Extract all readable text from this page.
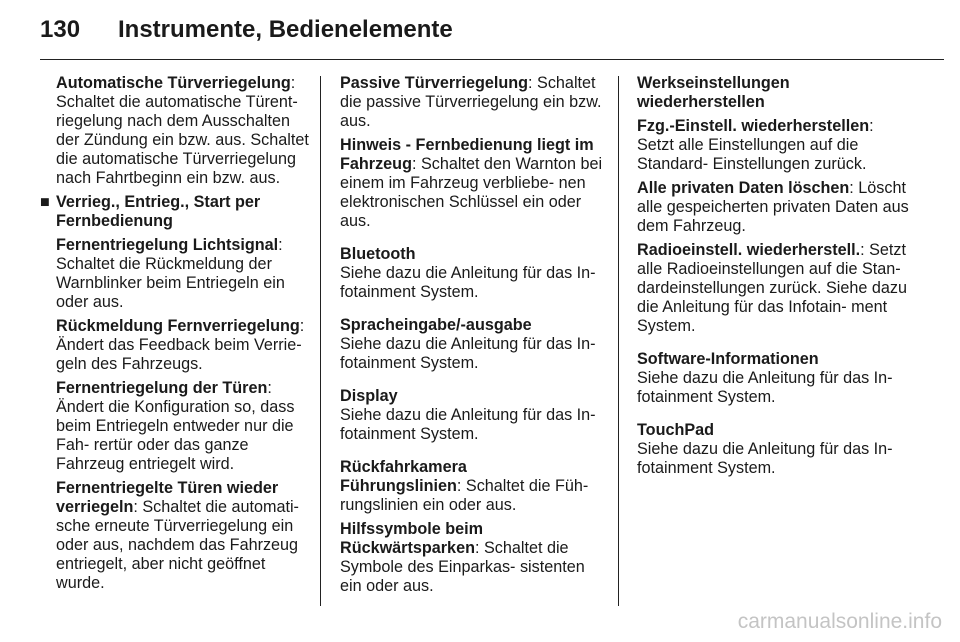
130 Instrumente, Bedienelemente

Automatische Türverriegelung: Schaltet die automatische Türent- riegelung nach dem Ausschalten der Zündung ein bzw. aus. Schaltet die automatische Türverriegelung nach Fahrtbeginn ein bzw. aus.

■ Verrieg., Entrieg., Start per Fernbedienung

Fernentriegelung Lichtsignal: Schaltet die Rückmeldung der Warnblinker beim Entriegeln ein oder aus.

Rückmeldung Fernverriegelung: Ändert das Feedback beim Verrie- geln des Fahrzeugs.

Fernentriegelung der Türen: Ändert die Konfiguration so, dass beim Entriegeln entweder nur die Fah- rertür oder das ganze Fahrzeug entriegelt wird.

Fernentriegelte Türen wieder verriegeln: Schaltet die automati- sche erneute Türverriegelung ein oder aus, nachdem das Fahrzeug entriegelt, aber nicht geöffnet wurde.

Passive Türverriegelung: Schaltet die passive Türverriegelung ein bzw. aus.

Hinweis - Fernbedienung liegt im Fahrzeug: Schaltet den Warnton bei einem im Fahrzeug verbliebe- nen elektronischen Schlüssel ein oder aus.

Bluetooth

Siehe dazu die Anleitung für das In- fotainment System.

Spracheingabe/-ausgabe

Siehe dazu die Anleitung für das In- fotainment System.

Display

Siehe dazu die Anleitung für das In- fotainment System.

Rückfahrkamera

Führungslinien: Schaltet die Füh- rungslinien ein oder aus.

Hilfssymbole beim Rückwärtsparken: Schaltet die Symbole des Einparkas- sistenten ein oder aus.

Werkseinstellungen wiederherstellen

Fzg.-Einstell. wiederherstellen: Setzt alle Einstellungen auf die Standard- Einstellungen zurück.

Alle privaten Daten löschen: Löscht alle gespeicherten privaten Daten aus dem Fahrzeug.

Radioeinstell. wiederherstell.: Setzt alle Radioeinstellungen auf die Stan- dardeinstellungen zurück. Siehe dazu die Anleitung für das Infotain- ment System.

Software-Informationen

Siehe dazu die Anleitung für das In- fotainment System.

TouchPad

Siehe dazu die Anleitung für das In- fotainment System.

carmanualsonline.info
